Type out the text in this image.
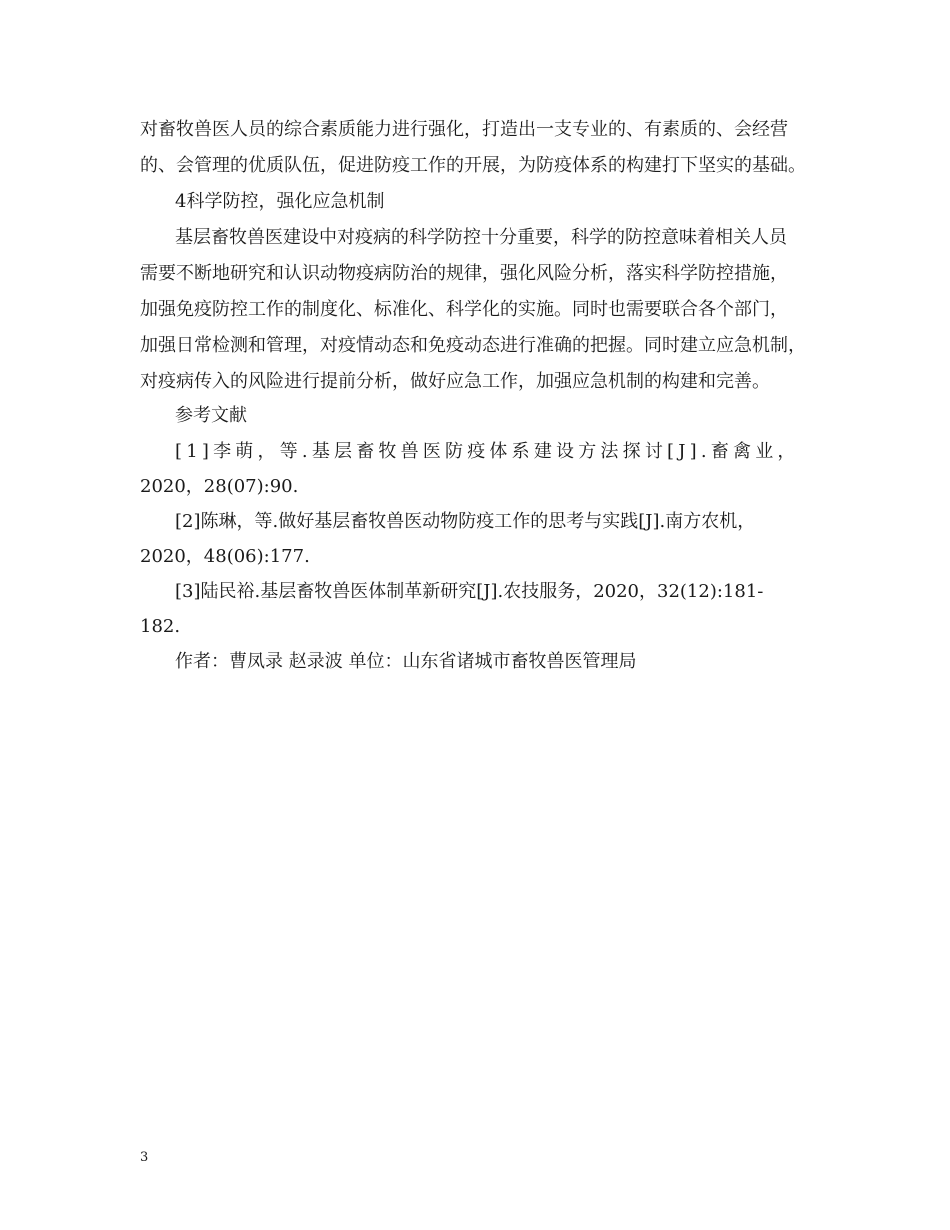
对畜牧兽医人员的综合素质能力进行强化，打造出一支专业的、有素质的、会经营
的、会管理的优质队伍，促进防疫工作的开展，为防疫体系的构建打下坚实的基础。
4科学防控，强化应急机制
基层畜牧兽医建设中对疫病的科学防控十分重要，科学的防控意味着相关人员
需要不断地研究和认识动物疫病防治的规律，强化风险分析，落实科学防控措施，
加强免疫防控工作的制度化、标准化、科学化的实施。同时也需要联合各个部门，
加强日常检测和管理，对疫情动态和免疫动态进行准确的把握。同时建立应急机制，
对疫病传入的风险进行提前分析，做好应急工作，加强应急机制的构建和完善。
参考文献
[1]李萌，等.基层畜牧兽医防疫体系建设方法探讨[J].畜禽业，
2020，28(07):90.
[2]陈琳，等.做好基层畜牧兽医动物防疫工作的思考与实践[J].南方农机，
2020，48(06):177.
[3]陆民裕.基层畜牧兽医体制革新研究[J].农技服务，2020，32(12):181-
182.
作者：曹凤录 赵录波 单位：山东省诸城市畜牧兽医管理局
3
